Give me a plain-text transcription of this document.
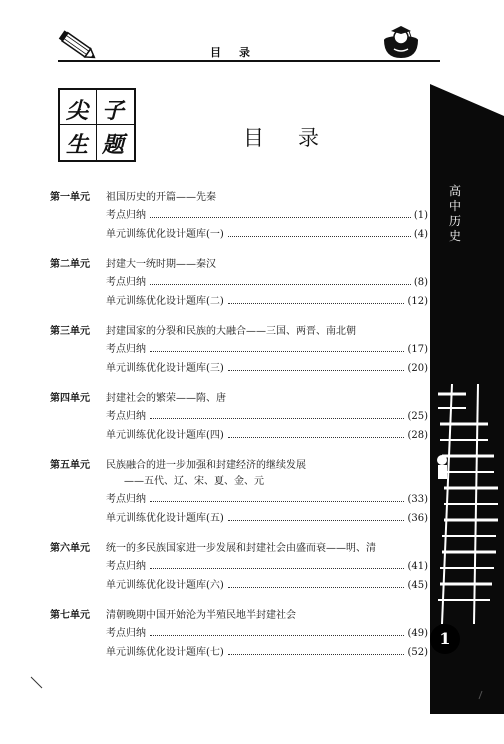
目录
尖 子
生 题	目录
高中历史
1
第一单元	祖国历史的开篇——先秦
考点归纳	(1)
单元训练优化设计题库(一)	(4)
第二单元	封建大一统时期——秦汉
考点归纳	(8)
单元训练优化设计题库(二)	(12)
第三单元	封建国家的分裂和民族的大融合——三国、两晋、南北朝
考点归纳	(17)
单元训练优化设计题库(三)	(20)
第四单元	封建社会的繁荣——隋、唐
考点归纳	(25)
单元训练优化设计题库(四)	(28)
第五单元	民族融合的进一步加强和封建经济的继续发展
——五代、辽、宋、夏、金、元
考点归纳	(33)
单元训练优化设计题库(五)	(36)
第六单元	统一的多民族国家进一步发展和封建社会由盛而衰——明、清
考点归纳	(41)
单元训练优化设计题库(六)	(45)
第七单元	清朝晚期中国开始沦为半殖民地半封建社会
考点归纳	(49)
单元训练优化设计题库(七)	(52)
